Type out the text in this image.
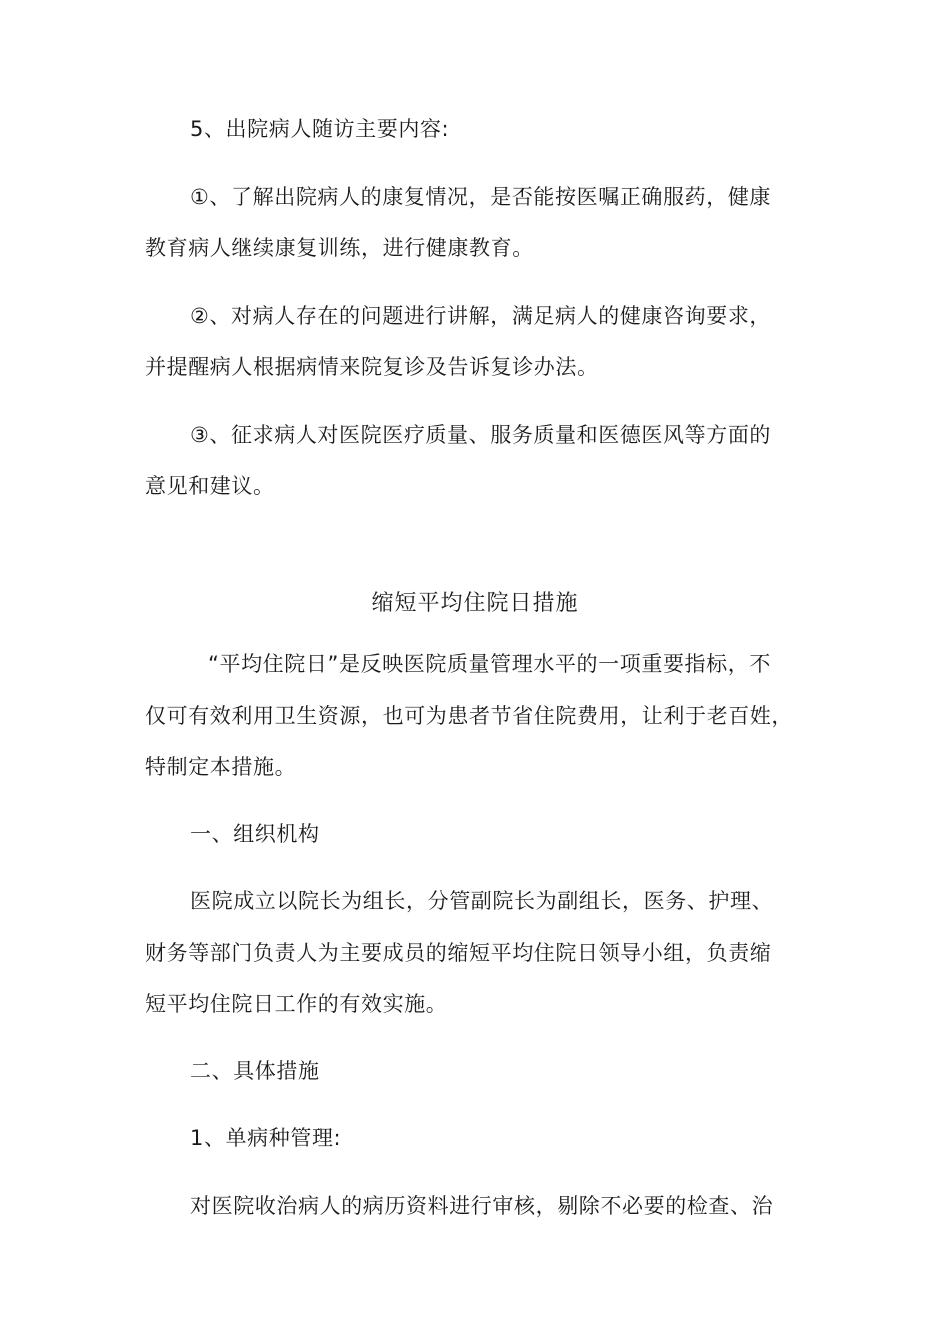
5、出院病人随访主要内容:
①、了解出院病人的康复情况，是否能按医嘱正确服药，健康
教育病人继续康复训练，进行健康教育。
②、对病人存在的问题进行讲解，满足病人的健康咨询要求，
并提醒病人根据病情来院复诊及告诉复诊办法。
③、征求病人对医院医疗质量、服务质量和医德医风等方面的
意见和建议。
缩短平均住院日措施
“平均住院日”是反映医院质量管理水平的一项重要指标，不
仅可有效利用卫生资源，也可为患者节省住院费用，让利于老百姓，
特制定本措施。
一、组织机构
医院成立以院长为组长，分管副院长为副组长，医务、护理、
财务等部门负责人为主要成员的缩短平均住院日领导小组，负责缩
短平均住院日工作的有效实施。
二、具体措施
1、单病种管理:
对医院收治病人的病历资料进行审核，剔除不必要的检查、治
